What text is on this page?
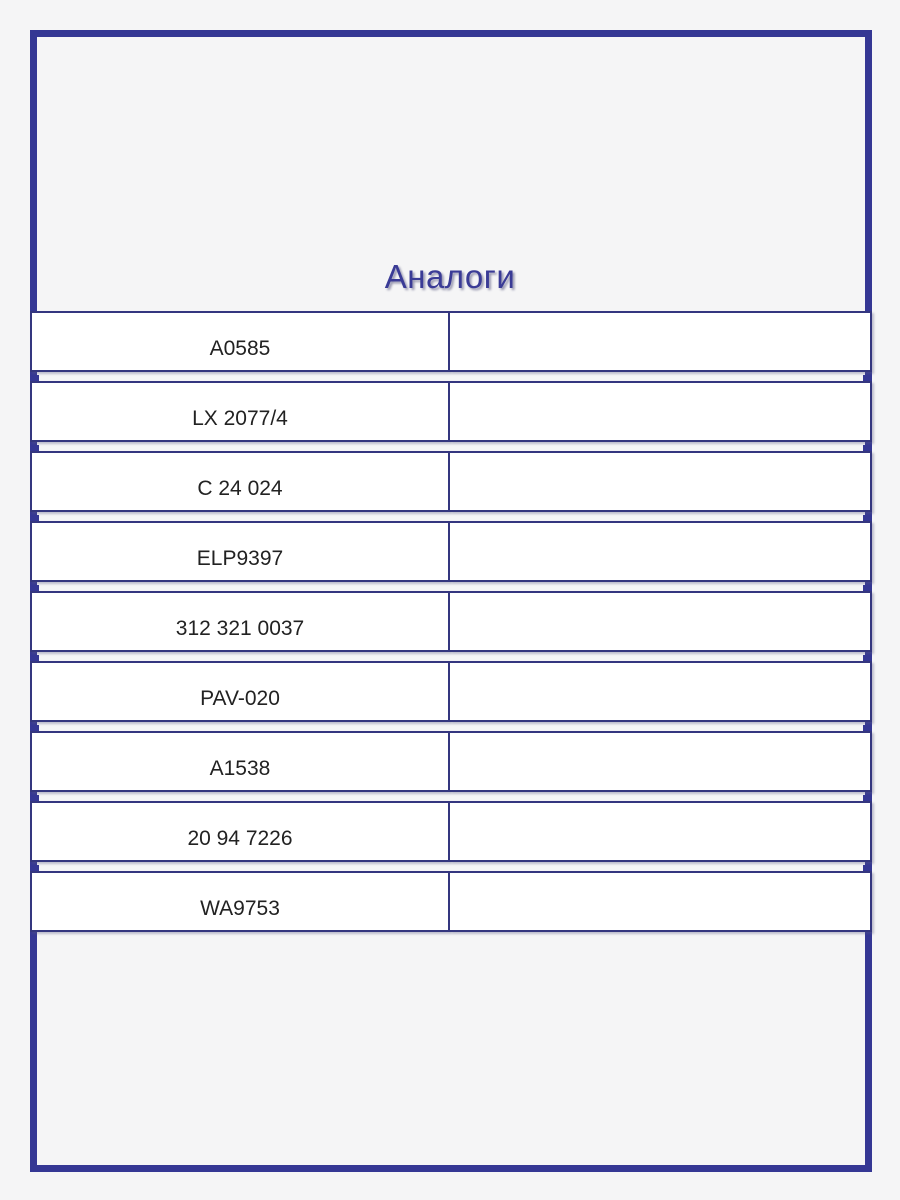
Аналоги
A0585
LX 2077/4
C 24 024
ELP9397
312 321 0037
PAV-020
A1538
20 94 7226
WA9753
